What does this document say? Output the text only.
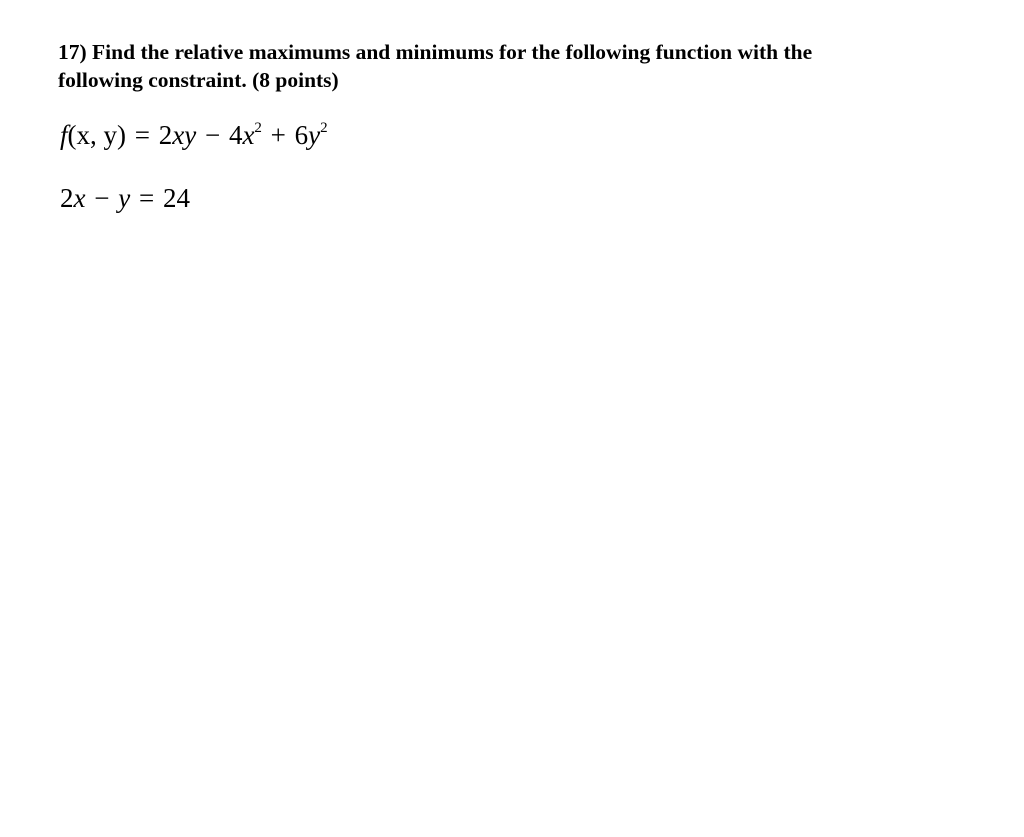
17) Find the relative maximums and minimums for the following function with the
following constraint. (8 points)
f(x, $y) = 2xy - 4x^2 + 6y^2$
2x − y = 24
